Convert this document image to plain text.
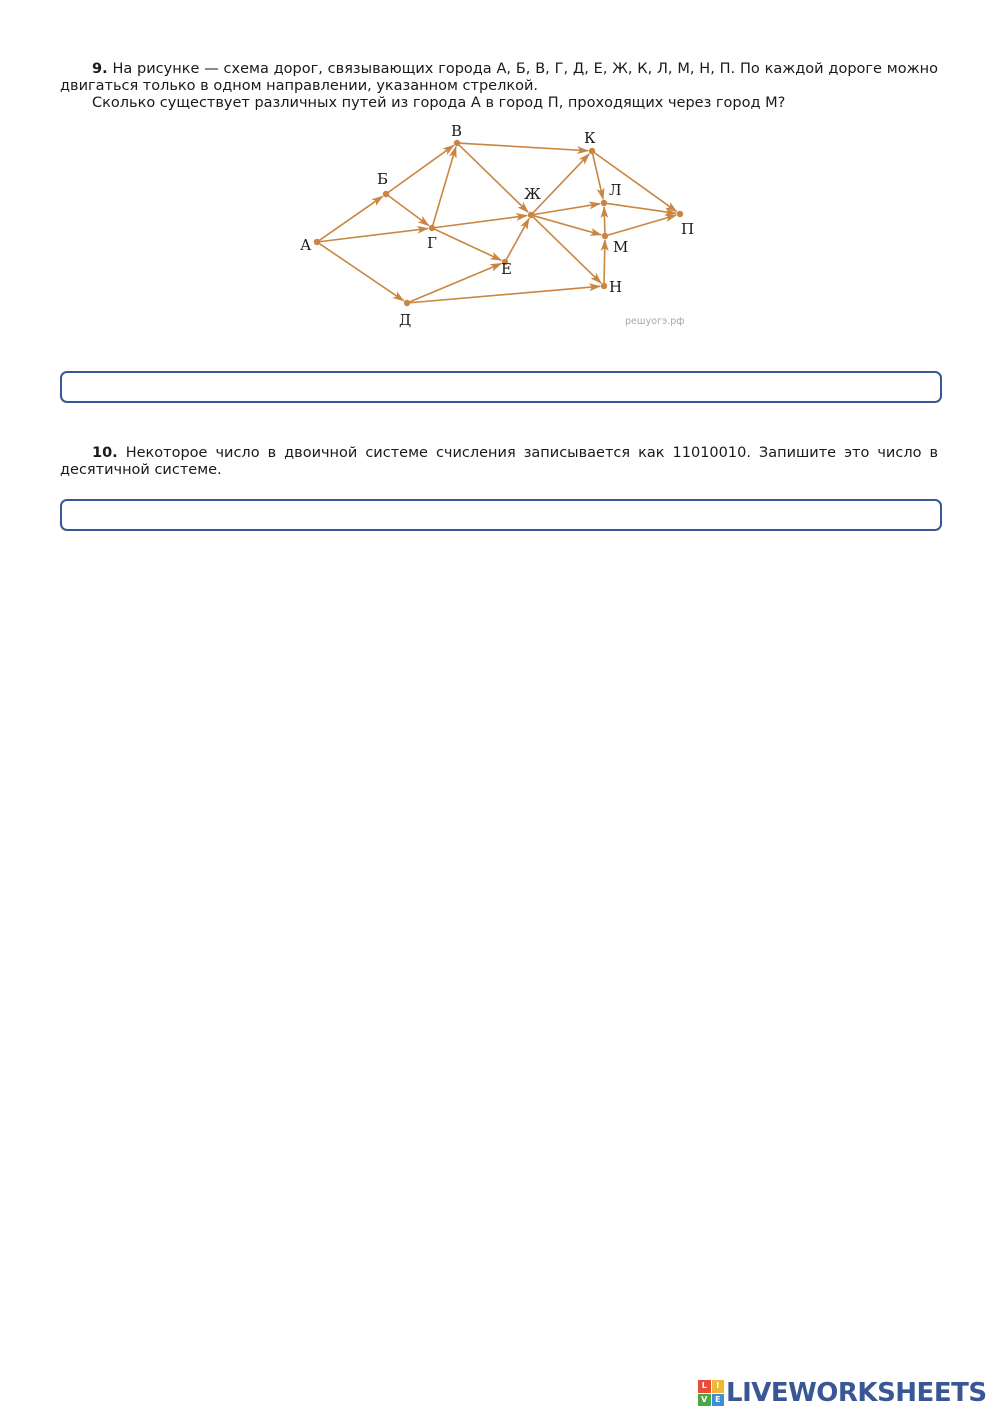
9. На рисунке — схема дорог, связывающих города А, Б, В, Г, Д, Е, Ж, К, Л, М, Н, П. По каждой дороге можно двигаться только в одном направлении, указанном стрелкой.

Сколько существует различных путей из города А в город П, проходящих через город М?

А
Б
В
Г
Д
Е
Ж
К
Л
М
Н
П
решуогэ.рф

10. Некоторое число в двоичной системе счисления записывается как 11010010. Запишите это число в десятичной системе.

L	I
V E LIVEWORKSHEETS
